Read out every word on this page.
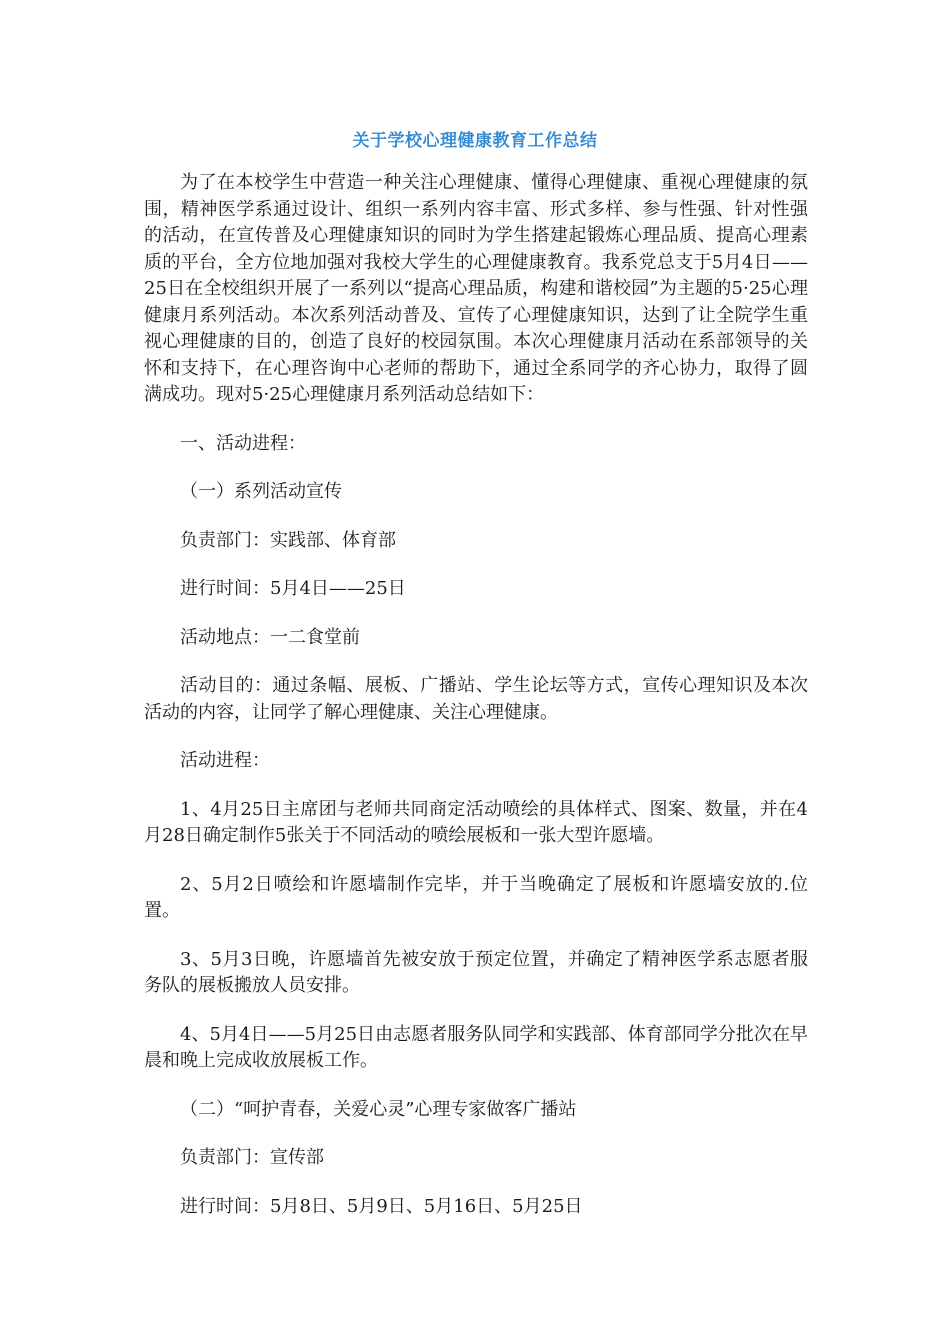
关于学校心理健康教育工作总结

为了在本校学生中营造一种关注心理健康、懂得心理健康、重视心理健康的氛围，精神医学系通过设计、组织一系列内容丰富、形式多样、参与性强、针对性强的活动，在宣传普及心理健康知识的同时为学生搭建起锻炼心理品质、提高心理素质的平台，全方位地加强对我校大学生的心理健康教育。我系党总支于5月4日——25日在全校组织开展了一系列以“提高心理品质，构建和谐校园”为主题的5·25心理健康月系列活动。本次系列活动普及、宣传了心理健康知识，达到了让全院学生重视心理健康的目的，创造了良好的校园氛围。本次心理健康月活动在系部领导的关怀和支持下，在心理咨询中心老师的帮助下，通过全系同学的齐心协力，取得了圆满成功。现对5·25心理健康月系列活动总结如下：

一、活动进程：

（一）系列活动宣传

负责部门：实践部、体育部

进行时间：5月4日——25日

活动地点：一二食堂前

活动目的：通过条幅、展板、广播站、学生论坛等方式，宣传心理知识及本次活动的内容，让同学了解心理健康、关注心理健康。

活动进程：

1、4月25日主席团与老师共同商定活动喷绘的具体样式、图案、数量，并在4月28日确定制作5张关于不同活动的喷绘展板和一张大型许愿墙。

2、5月2日喷绘和许愿墙制作完毕，并于当晚确定了展板和许愿墙安放的.位置。

3、5月3日晚，许愿墙首先被安放于预定位置，并确定了精神医学系志愿者服务队的展板搬放人员安排。

4、5月4日——5月25日由志愿者服务队同学和实践部、体育部同学分批次在早晨和晚上完成收放展板工作。

（二）“呵护青春，关爱心灵”心理专家做客广播站

负责部门：宣传部

进行时间：5月8日、5月9日、5月16日、5月25日
